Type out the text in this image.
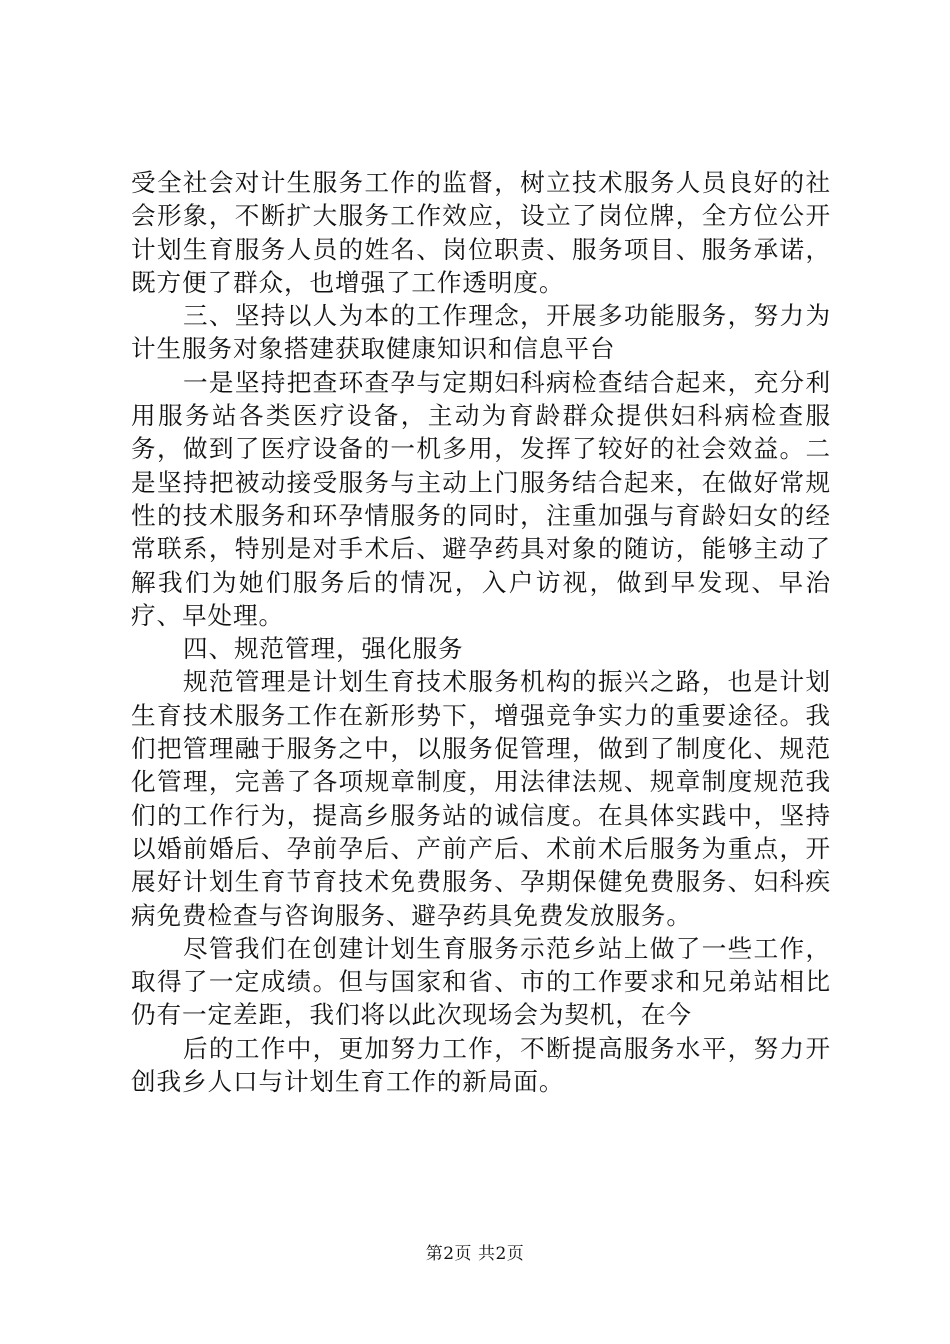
受全社会对计生服务工作的监督，树立技术服务人员良好的社会形象，不断扩大服务工作效应，设立了岗位牌，全方位公开计划生育服务人员的姓名、岗位职责、服务项目、服务承诺，既方便了群众，也增强了工作透明度。

三、坚持以人为本的工作理念，开展多功能服务，努力为计生服务对象搭建获取健康知识和信息平台

一是坚持把查环查孕与定期妇科病检查结合起来，充分利用服务站各类医疗设备，主动为育龄群众提供妇科病检查服务，做到了医疗设备的一机多用，发挥了较好的社会效益。二是坚持把被动接受服务与主动上门服务结合起来，在做好常规性的技术服务和环孕情服务的同时，注重加强与育龄妇女的经常联系，特别是对手术后、避孕药具对象的随访，能够主动了解我们为她们服务后的情况，入户访视，做到早发现、早治疗、早处理。

四、规范管理，强化服务

规范管理是计划生育技术服务机构的振兴之路，也是计划生育技术服务工作在新形势下，增强竞争实力的重要途径。我们把管理融于服务之中，以服务促管理，做到了制度化、规范化管理，完善了各项规章制度，用法律法规、规章制度规范我们的工作行为，提高乡服务站的诚信度。在具体实践中，坚持以婚前婚后、孕前孕后、产前产后、术前术后服务为重点，开展好计划生育节育技术免费服务、孕期保健免费服务、妇科疾病免费检查与咨询服务、避孕药具免费发放服务。

尽管我们在创建计划生育服务示范乡站上做了一些工作，取得了一定成绩。但与国家和省、市的工作要求和兄弟站相比仍有一定差距，我们将以此次现场会为契机，在今

后的工作中，更加努力工作，不断提高服务水平，努力开创我乡人口与计划生育工作的新局面。

第2页 共2页
